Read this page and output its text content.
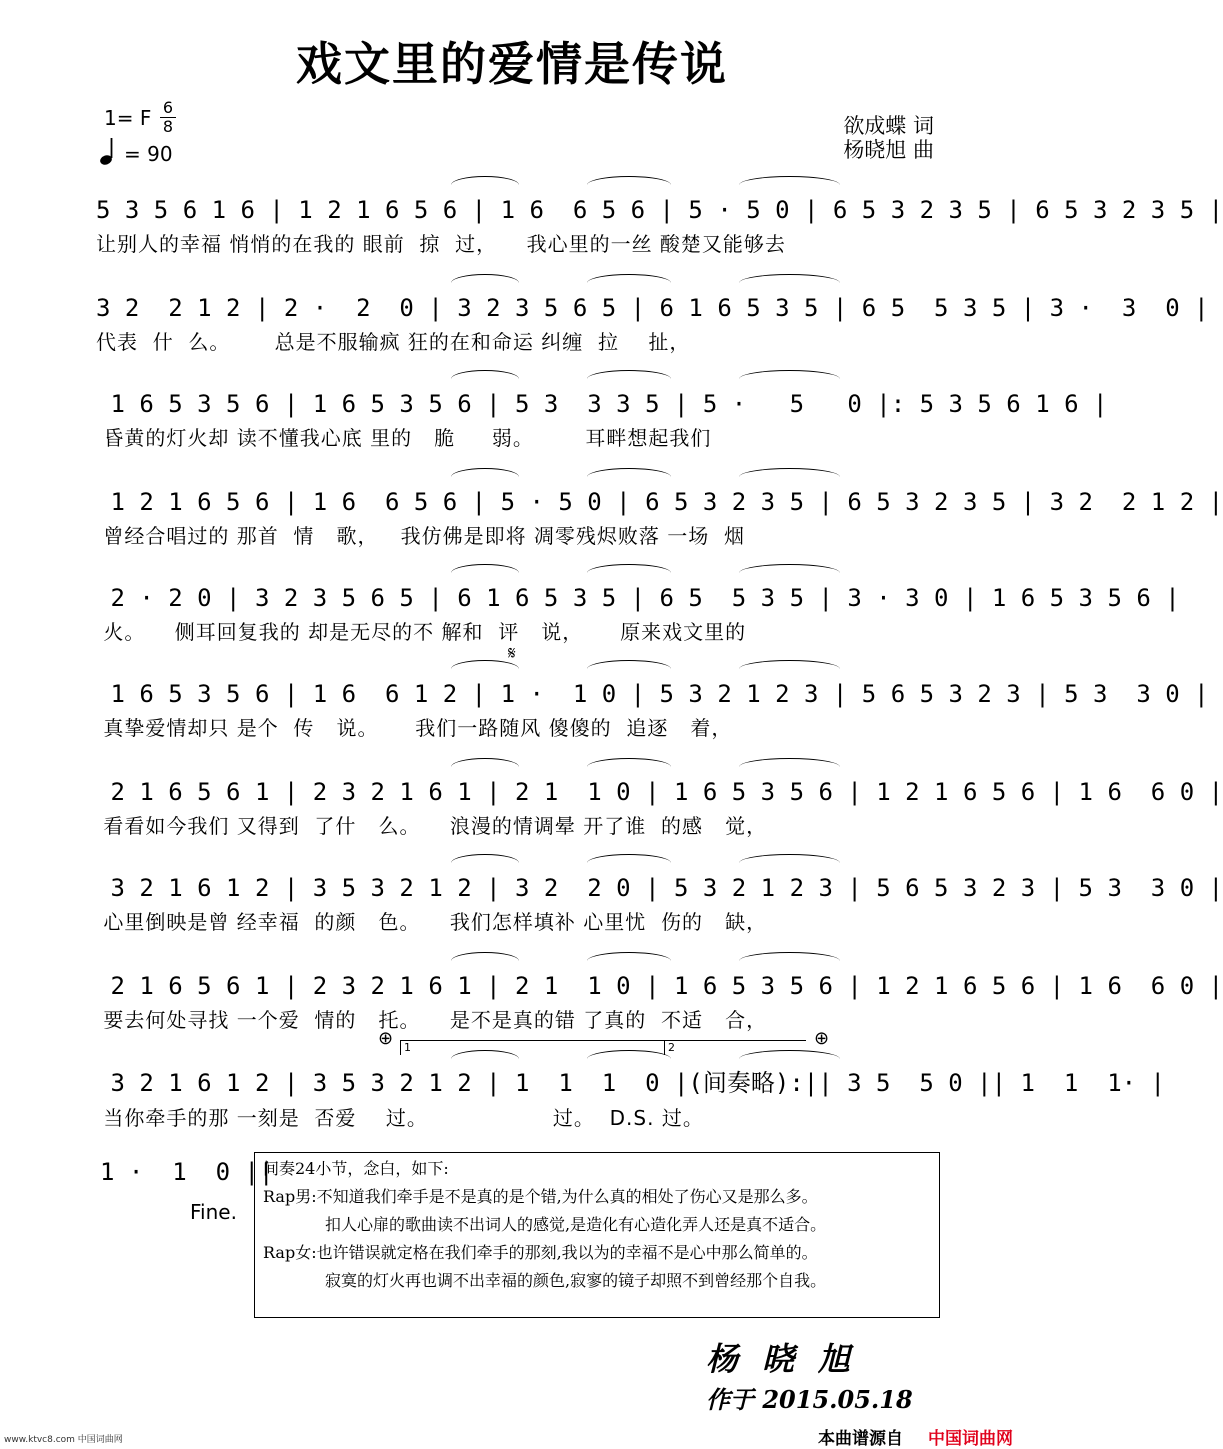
戏文里的爱情是传说
1= F 6
8
= 90
欲成蝶 词
杨晓旭 曲
5 3 5 6 1 6 | 1 2 1 6 5 6 | 1 6  6 5 6 | 5 · 5 0 | 6 5 3 2 3 5 | 6 5 3 2 3 5 |
让别人的幸福 悄悄的在我的 眼前  掠  过，    我心里的一丝 酸楚又能够去
3 2  2 1 2 | 2 ·  2  0 | 3 2 3 5 6 5 | 6 1 6 5 3 5 | 6 5  5 3 5 | 3 ·  3  0 |
代表  什  么。      总是不服输疯 狂的在和命运 纠缠  拉    扯，
1 6 5 3 5 6 | 1 6 5 3 5 6 | 5 3  3 3 5 | 5 ·   5   0 |: 5 3 5 6 1 6 |
昏黄的灯火却 读不懂我心底 里的   脆     弱。       耳畔想起我们
1 2 1 6 5 6 | 1 6  6 5 6 | 5 · 5 0 | 6 5 3 2 3 5 | 6 5 3 2 3 5 | 3 2  2 1 2 |
曾经合唱过的 那首  情   歌，   我仿佛是即将 凋零残烬败落 一场  烟
2 · 2 0 | 3 2 3 5 6 5 | 6 1 6 5 3 5 | 6 5  5 3 5 | 3 · 3 0 | 1 6 5 3 5 6 |
火。    侧耳回复我的 却是无尽的不 解和  评   说，     原来戏文里的
1 6 5 3 5 6 | 1 6  6 1 2 | 1 ·  1 0 | 5 3 2 1 2 3 | 5 6 5 3 2 3 | 5 3  3 0 |
真挚爱情却只 是个  传   说。     我们一路随风 傻傻的  追逐   着，
2 1 6 5 6 1 | 2 3 2 1 6 1 | 2 1  1 0 | 1 6 5 3 5 6 | 1 2 1 6 5 6 | 1 6  6 0 |
看看如今我们 又得到  了什   么。    浪漫的情调晕 开了谁  的感   觉，
3 2 1 6 1 2 | 3 5 3 2 1 2 | 3 2  2 0 | 5 3 2 1 2 3 | 5 6 5 3 2 3 | 5 3  3 0 |
心里倒映是曾 经幸福  的颜   色。    我们怎样填补 心里忧  伤的   缺，
2 1 6 5 6 1 | 2 3 2 1 6 1 | 2 1  1 0 | 1 6 5 3 5 6 | 1 2 1 6 5 6 | 1 6  6 0 |
要去何处寻找 一个爱  情的   托。    是不是真的错 了真的  不适   合，
3 2 1 6 1 2 | 3 5 3 2 1 2 | 1  1  1  0 |(间奏略):|| 3 5  5 0 || 1  1  1· |
当你牵手的那 一刻是  否爱    过。                 过。  D.S. 过。
𝄋
⊕	⊕
1	2
1 ·  1  0 ||
Fine.
间奏24小节，念白，如下:
Rap男:不知道我们牵手是不是真的是个错,为什么真的相处了伤心又是那么多。
扣人心扉的歌曲读不出词人的感觉,是造化有心造化弄人还是真不适合。
Rap女:也许错误就定格在我们牵手的那刻,我以为的幸福不是心中那么简单的。
寂寞的灯火再也调不出幸福的颜色,寂寥的镜子却照不到曾经那个自我。
杨晓旭
作于 2015.05.18
www.ktvc8.com 中国词曲网	本曲谱源自 中国词曲网
